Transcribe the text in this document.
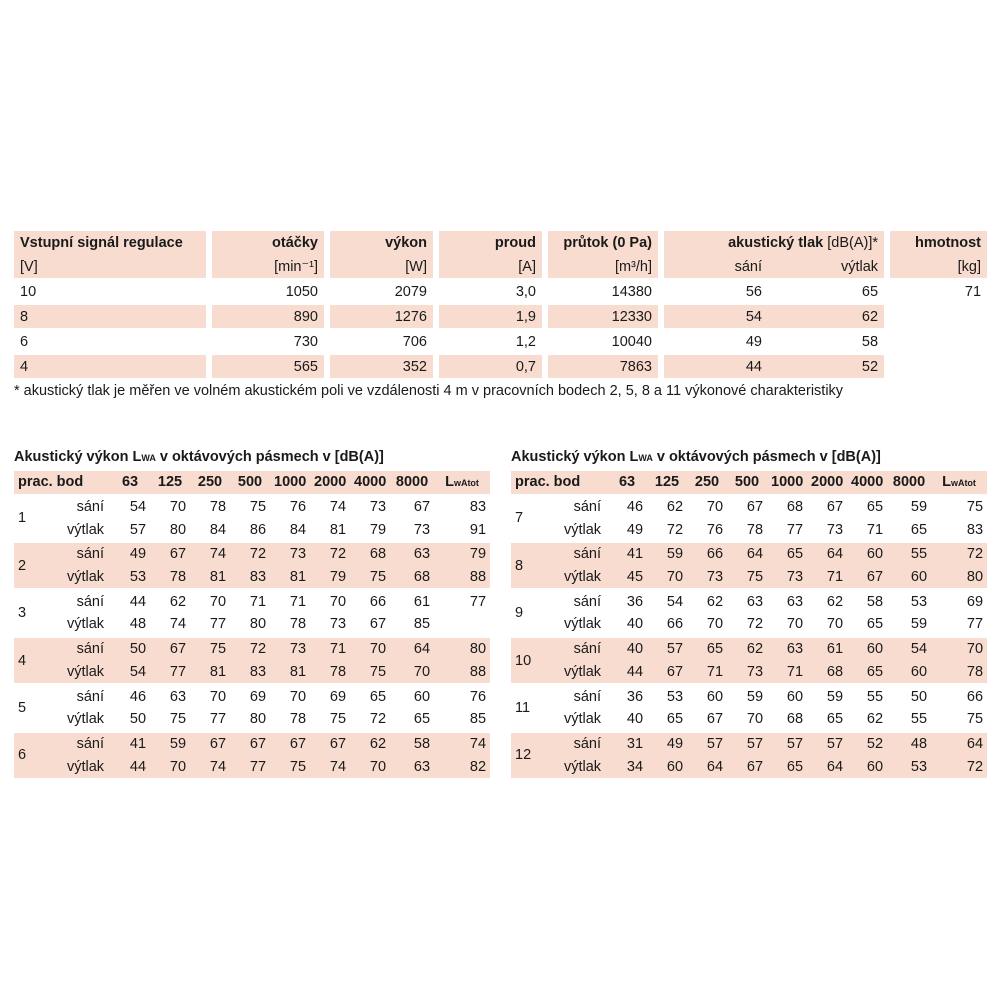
Vstupní signál regulace		otáčky		výkon		proud		průtok (0 Pa)		akustický tlak [dB(A)]*			hmotnost
[V]		[min⁻¹]		[W]		[A]		[m³/h]		sání	výtlak		[kg]
10		1050		2079		3,0		14380		56	65		71
8		890		1276		1,9		12330		54	62		
6		730		706		1,2		10040		49	58		
4		565		352		0,7		7863		44	52		
* akustický tlak je měřen ve volném akustickém poli ve vzdálenosti 4 m v pracovních bodech 2, 5, 8 a 11 výkonové charakteristiky
Akustický výkon LWA v oktávových pásmech v [dB(A)]	Akustický výkon LWA v oktávových pásmech v [dB(A)]
prac. bod		63	125	250	500	1000	2000	4000	8000	LwAtot
1	sání	54	70	78	75	76	74	73	67	83
	výtlak	57	80	84	86	84	81	79	73	91
2	sání	49	67	74	72	73	72	68	63	79
	výtlak	53	78	81	83	81	79	75	68	88
3	sání	44	62	70	71	71	70	66	61	77
	výtlak	48	74	77	80	78	73	67	85	
4	sání	50	67	75	72	73	71	70	64	80
	výtlak	54	77	81	83	81	78	75	70	88
5	sání	46	63	70	69	70	69	65	60	76
	výtlak	50	75	77	80	78	75	72	65	85
6	sání	41	59	67	67	67	67	62	58	74
	výtlak	44	70	74	77	75	74	70	63	82
prac. bod		63	125	250	500	1000	2000	4000	8000	LwAtot
7	sání	46	62	70	67	68	67	65	59	75
	výtlak	49	72	76	78	77	73	71	65	83
8	sání	41	59	66	64	65	64	60	55	72
	výtlak	45	70	73	75	73	71	67	60	80
9	sání	36	54	62	63	63	62	58	53	69
	výtlak	40	66	70	72	70	70	65	59	77
10	sání	40	57	65	62	63	61	60	54	70
	výtlak	44	67	71	73	71	68	65	60	78
11	sání	36	53	60	59	60	59	55	50	66
	výtlak	40	65	67	70	68	65	62	55	75
12	sání	31	49	57	57	57	57	52	48	64
	výtlak	34	60	64	67	65	64	60	53	72
